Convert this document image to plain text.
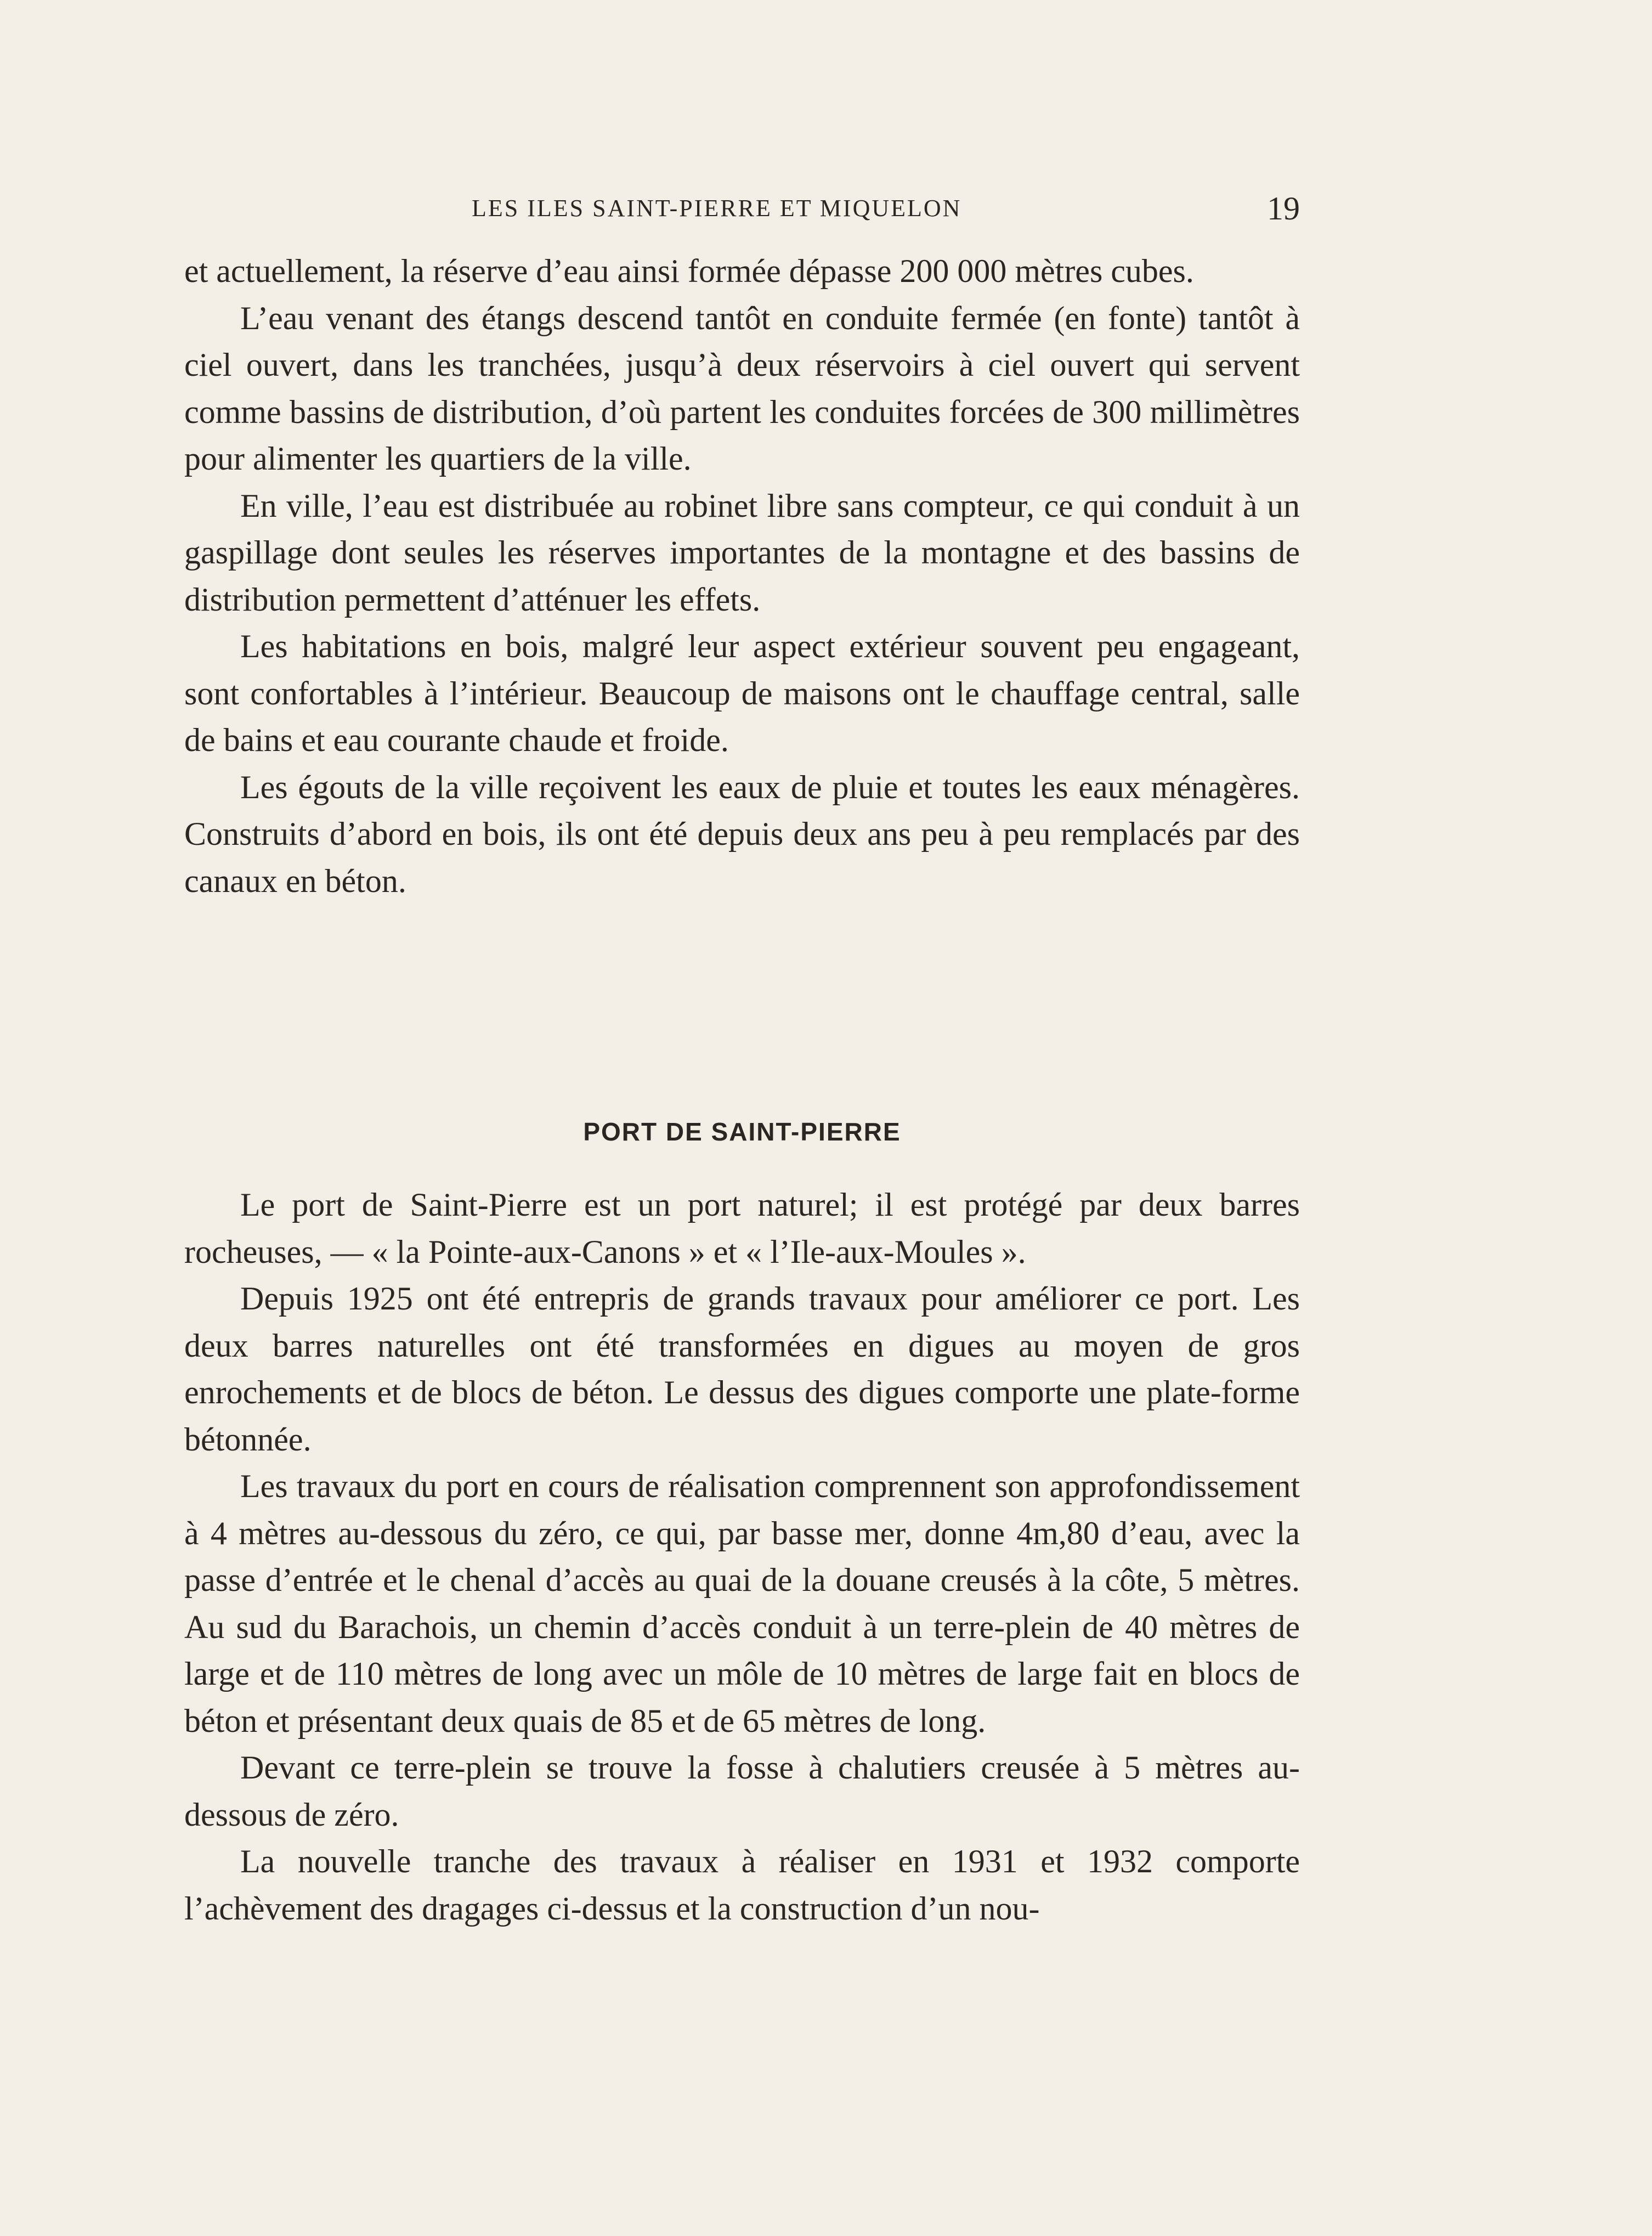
LES ILES SAINT-PIERRE ET MIQUELON	19

et actuellement, la réserve d’eau ainsi formée dépasse 200 000 mètres cubes.

L’eau venant des étangs descend tantôt en conduite fermée (en fonte) tantôt à ciel ouvert, dans les tranchées, jusqu’à deux réservoirs à ciel ouvert qui servent comme bassins de distribution, d’où partent les conduites forcées de 300 millimètres pour alimenter les quartiers de la ville.

En ville, l’eau est distribuée au robinet libre sans compteur, ce qui conduit à un gaspillage dont seules les réserves importantes de la montagne et des bassins de distribution permettent d’atténuer les effets.

Les habitations en bois, malgré leur aspect extérieur souvent peu engageant, sont confortables à l’intérieur. Beaucoup de maisons ont le chauffage central, salle de bains et eau courante chaude et froide.

Les égouts de la ville reçoivent les eaux de pluie et toutes les eaux ménagères. Construits d’abord en bois, ils ont été depuis deux ans peu à peu remplacés par des canaux en béton.

PORT DE SAINT-PIERRE

Le port de Saint-Pierre est un port naturel; il est protégé par deux barres rocheuses, — « la Pointe-aux-Canons » et « l’Ile-aux-Moules ».

Depuis 1925 ont été entrepris de grands travaux pour améliorer ce port. Les deux barres naturelles ont été transformées en digues au moyen de gros enrochements et de blocs de béton. Le dessus des digues comporte une plate-forme bétonnée.

Les travaux du port en cours de réalisation comprennent son approfondissement à 4 mètres au-dessous du zéro, ce qui, par basse mer, donne 4m,80 d’eau, avec la passe d’entrée et le chenal d’accès au quai de la douane creusés à la côte, 5 mètres. Au sud du Barachois, un chemin d’accès conduit à un terre-plein de 40 mètres de large et de 110 mètres de long avec un môle de 10 mètres de large fait en blocs de béton et présentant deux quais de 85 et de 65 mètres de long.

Devant ce terre-plein se trouve la fosse à chalutiers creusée à 5 mètres au-dessous de zéro.

La nouvelle tranche des travaux à réaliser en 1931 et 1932 comporte l’achèvement des dragages ci-dessus et la construction d’un nou-
